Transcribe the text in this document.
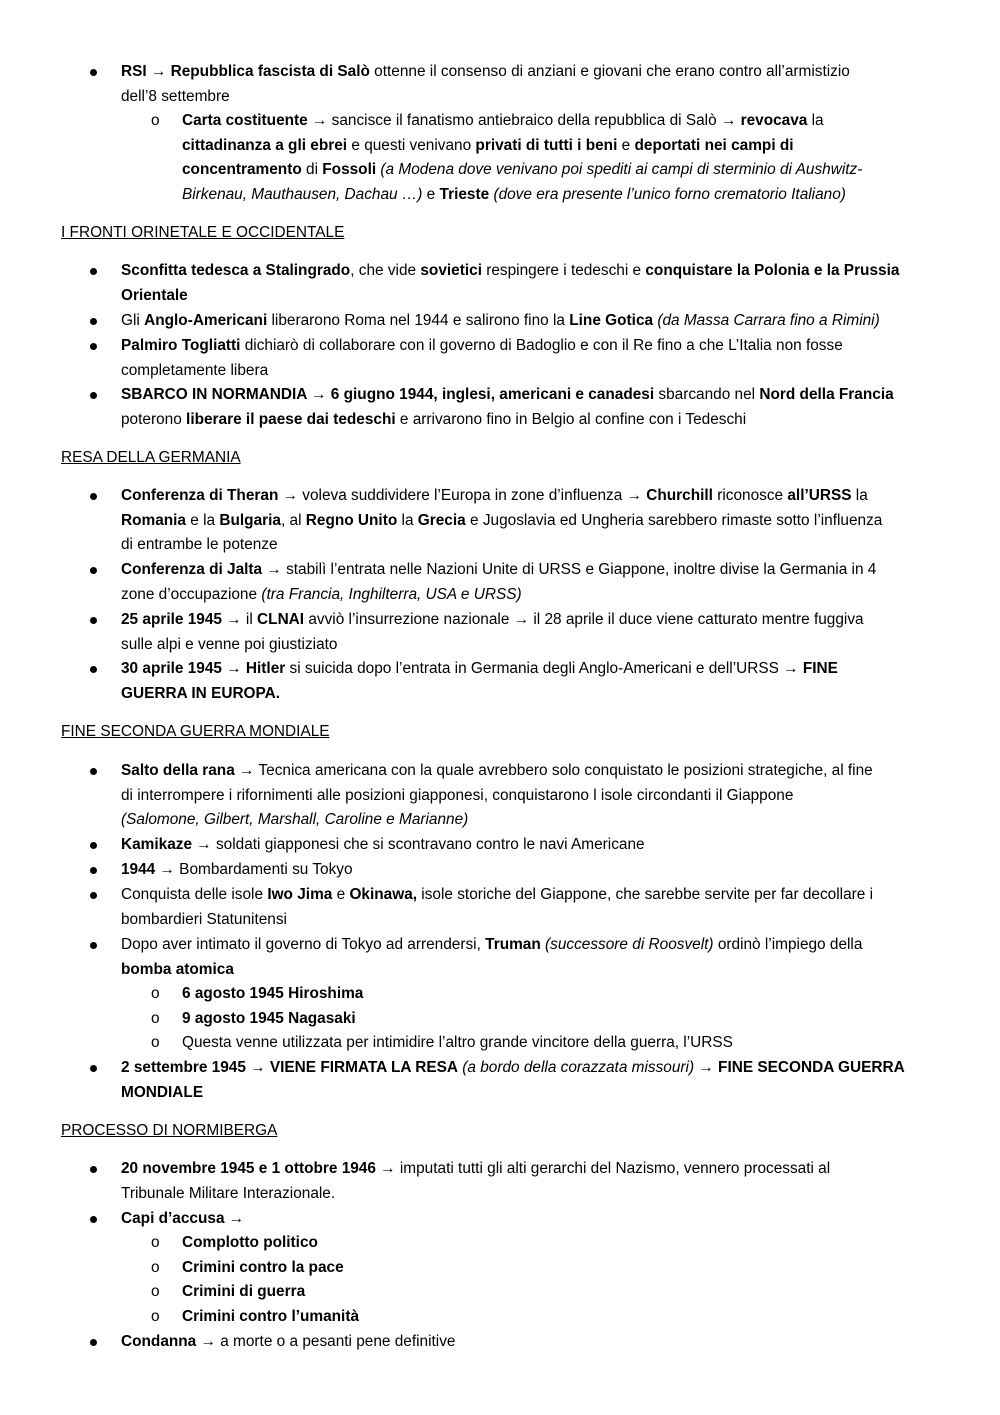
RSI → Repubblica fascista di Salò ottenne il consenso di anziani e giovani che erano contro all’armistizio
dell’8 settembre
o Carta costituente → sancisce il fanatismo antiebraico della repubblica di Salò → revocava la
cittadinanza a gli ebrei e questi venivano privati di tutti i beni e deportati nei campi di
concentramento di Fossoli (a Modena dove venivano poi spediti ai campi di sterminio di Aushwitz-
Birkenau, Mauthausen, Dachau …) e Trieste (dove era presente l’unico forno crematorio Italiano)
I FRONTI ORINETALE E OCCIDENTALE
Sconfitta tedesca a Stalingrado, che vide sovietici respingere i tedeschi e conquistare la Polonia e la Prussia
Orientale
Gli Anglo-Americani liberarono Roma nel 1944 e salirono fino la Line Gotica (da Massa Carrara fino a Rimini)
Palmiro Togliatti dichiarò di collaborare con il governo di Badoglio e con il Re fino a che L’Italia non fosse
completamente libera
SBARCO IN NORMANDIA → 6 giugno 1944, inglesi, americani e canadesi sbarcando nel Nord della Francia
poterono liberare il paese dai tedeschi e arrivarono fino in Belgio al confine con i Tedeschi
RESA DELLA GERMANIA
Conferenza di Theran → voleva suddividere l’Europa in zone d’influenza → Churchill riconosce all’URSS la
Romania e la Bulgaria, al Regno Unito la Grecia e Jugoslavia ed Ungheria sarebbero rimaste sotto l’influenza
di entrambe le potenze
Conferenza di Jalta → stabilì l’entrata nelle Nazioni Unite di URSS e Giappone, inoltre divise la Germania in 4
zone d’occupazione (tra Francia, Inghilterra, USA e URSS)
25 aprile 1945 → il CLNAI avviò l’insurrezione nazionale → il 28 aprile il duce viene catturato mentre fuggiva
sulle alpi e venne poi giustiziato
30 aprile 1945 → Hitler si suicida dopo l’entrata in Germania degli Anglo-Americani e dell’URSS → FINE
GUERRA IN EUROPA.
FINE SECONDA GUERRA MONDIALE
Salto della rana → Tecnica americana con la quale avrebbero solo conquistato le posizioni strategiche, al fine
di interrompere i rifornimenti alle posizioni giapponesi, conquistarono l isole circondanti il Giappone
(Salomone, Gilbert, Marshall, Caroline e Marianne)
Kamikaze → soldati giapponesi che si scontravano contro le navi Americane
1944 → Bombardamenti su Tokyo
Conquista delle isole Iwo Jima e Okinawa, isole storiche del Giappone, che sarebbe servite per far decollare i
bombardieri Statunitensi
Dopo aver intimato il governo di Tokyo ad arrendersi, Truman (successore di Roosvelt) ordinò l’impiego della
bomba atomica
o 6 agosto 1945 Hiroshima
o 9 agosto 1945 Nagasaki
o Questa venne utilizzata per intimidire l’altro grande vincitore della guerra, l’URSS
2 settembre 1945 → VIENE FIRMATA LA RESA (a bordo della corazzata missouri) → FINE SECONDA GUERRA
MONDIALE
PROCESSO DI NORMIBERGA
20 novembre 1945 e 1 ottobre 1946 → imputati tutti gli alti gerarchi del Nazismo, vennero processati al
Tribunale Militare Interazionale.
Capi d’accusa →
o Complotto politico
o Crimini contro la pace
o Crimini di guerra
o Crimini contro l’umanità
Condanna → a morte o a pesanti pene definitive
